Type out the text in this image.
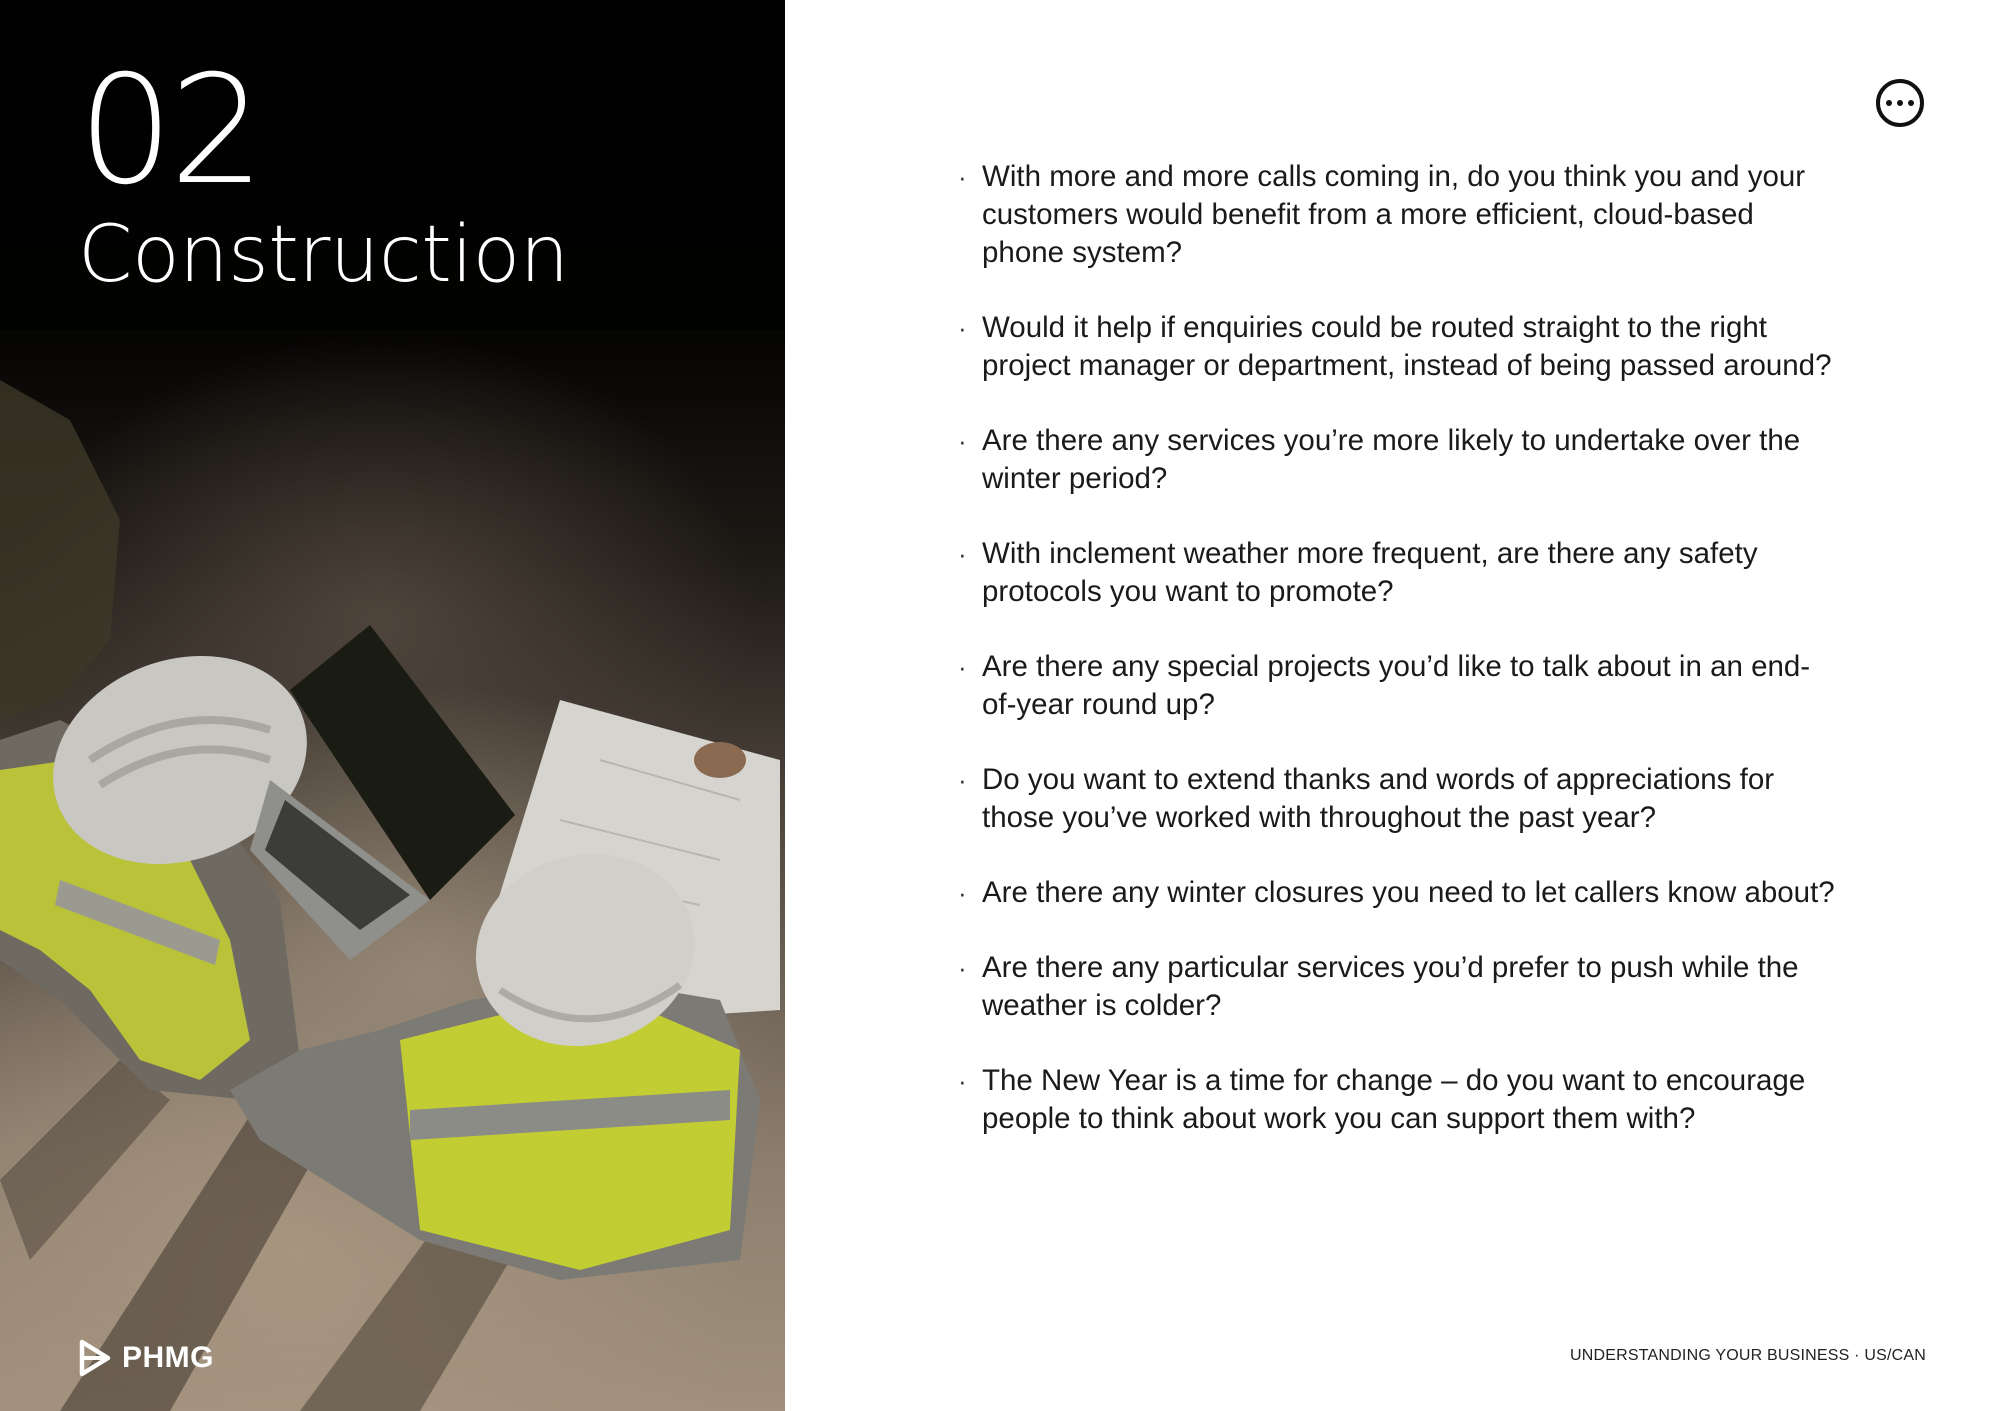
02
Construction
PHMG
· With more and more calls coming in, do you think you and your customers would benefit from a more efficient, cloud-based phone system?
· Would it help if enquiries could be routed straight to the right project manager or department, instead of being passed around?
· Are there any services you’re more likely to undertake over the winter period?
· With inclement weather more frequent, are there any safety protocols you want to promote?
· Are there any special projects you’d like to talk about in an end-of-year round up?
· Do you want to extend thanks and words of appreciations for those you’ve worked with throughout the past year?
· Are there any winter closures you need to let callers know about?
· Are there any particular services you’d prefer to push while the weather is colder?
· The New Year is a time for change – do you want to encourage people to think about work you can support them with?
UNDERSTANDING YOUR BUSINESS · US/CAN
